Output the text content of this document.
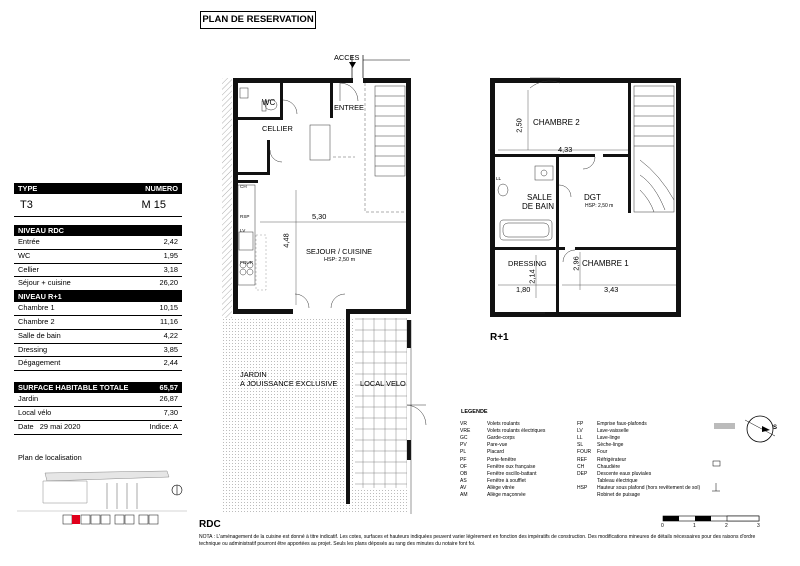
PLAN DE RESERVATION
TYPE	NUMERO
T3	M 15
NIVEAU RDC
Entrée	2,42
WC	1,95
Cellier	3,18
Séjour + cuisine	26,20
NIVEAU R+1
Chambre 1	10,15
Chambre 2	11,16
Salle de bain	4,22
Dressing	3,85
Dégagement	2,44
SURFACE HABITABLE TOTALE	65,57
Jardin	26,87
Local vélo	7,30
Date 29 mai 2020	Indice: A
Plan de localisation
ACCES
WC
ENTREE
CELLIER
5,30
4,48
SEJOUR / CUISINE
HSP: 2,50 m
JARDIN
A JOUISSANCE EXCLUSIVE	LOCAL VELO
CH
RSP
LV
FOUR
CHAMBRE 2
2,50
4,33
SALLE
DE BAIN
DGT
HSP: 2,50 m
DRESSING	CHAMBRE 1
2,96
2,14
1,80	3,43
LL
RDC
R+1
LEGENDE
VR	Volets roulants
VRE	Volets roulants électriques
GC	Garde-corps
PV	Pare-vue
PL	Placard
PF	Porte-fenêtre
OF	Fenêtre oux française
OB	Fenêtre oscillo-battant
AS	Fenêtre à soufflet
AV	Allège vitrée
AM	Allège maçonnée
FP	Emprise faux-plafonds
LV	Lave-vaisselle
LL	Lave-linge
SL	Sèche-linge
FOUR Four
REF Réfrigérateur
CH	Chaudière
DEP Descente eaux pluviales
Tableau électrique
HSP Hauteur sous plafond (hors revêtement de sol)
Robinet de puisage
S
0	1	2	3
NOTA : L'aménagement de la cuisine est donné à titre indicatif. Les cotes, surfaces et hauteurs indiquées peuvent varier légèrement en fonction des impératifs de construction. Des modifications mineures de détails nécessaires pour des raisons d'ordre technique ou administratif pourront être apportées au projet. Seuls les plans déposés au rang des minutes du notaire font foi.
